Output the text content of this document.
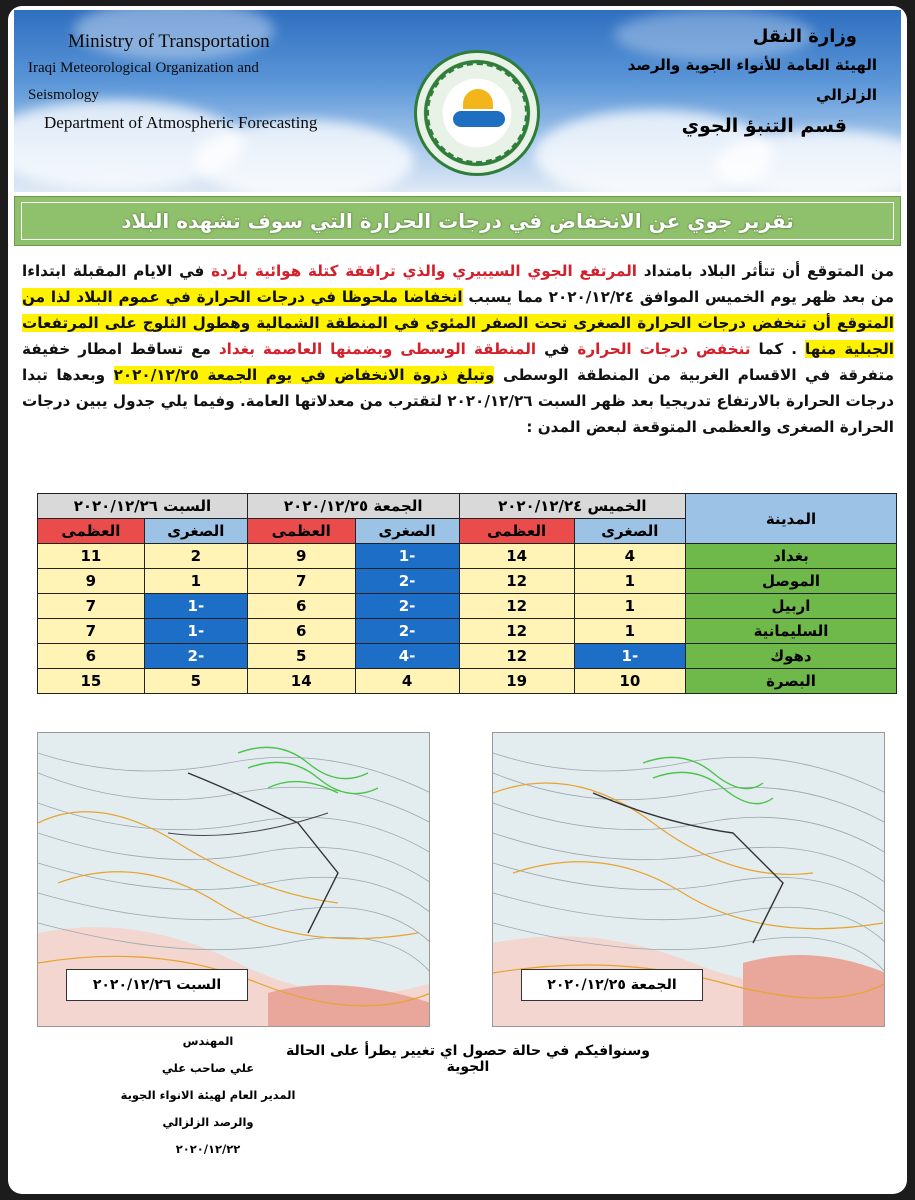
Ministry of Transportation
Iraqi Meteorological Organization and Seismology
Department of Atmospheric Forecasting
وزارة النقل
الهيئة العامة للأنواء الجوية والرصد الزلزالي
قسم التنبؤ الجوي
تقرير جوي عن الانخفاض في درجات الحرارة التي سوف تشهده البلاد
من المتوقع أن تتأثر البلاد بامتداد المرتفع الجوي السيبيري والذي ترافقة كتلة هوائية باردة في الايام المقبلة ابتداءا من بعد ظهر يوم الخميس الموافق ٢٠٢٠/١٢/٢٤ مما يسبب انخفاضا ملحوظا في درجات الحرارة في عموم البلاد لذا من المتوقع أن تنخفض درجات الحرارة الصغرى تحت الصفر المئوي في المنطقة الشمالية وهطول الثلوج على المرتفعات الجبلية منها . كما تنخفض درجات الحرارة في المنطقة الوسطى وبضمنها العاصمة بغداد مع تساقط امطار خفيفة متفرقة في الاقسام الغربية من المنطقة الوسطى وتبلغ ذروة الانخفاض في يوم الجمعة ٢٠٢٠/١٢/٢٥ وبعدها تبدا درجات الحرارة بالارتفاع تدريجيا بعد ظهر السبت ٢٠٢٠/١٢/٢٦ لتقترب من معدلاتها العامة. وفيما يلي جدول يبين درجات الحرارة الصغرى والعظمى المتوقعة لبعض المدن :
المدينة	الخميس ٢٠٢٠/١٢/٢٤		الجمعة ٢٠٢٠/١٢/٢٥		السبت ٢٠٢٠/١٢/٢٦	
	الصغرى	العظمى	الصغرى	العظمى	الصغرى	العظمى
بغداد	4	14	-1	9	2	11
الموصل	1	12	-2	7	1	9
اربيل	1	12	-2	6	-1	7
السليمانية	1	12	-2	6	-1	7
دهوك	-1	12	-4	5	-2	6
البصرة	10	19	4	14	5	15
السبت ٢٠٢٠/١٢/٢٦	الجمعة ٢٠٢٠/١٢/٢٥
المهندس
علي صاحب علي
المدير العام لهيئة الانواء الجوية
والرصد الزلزالي
٢٠٢٠/١٢/٢٢
وسنوافيكم في حالة حصول اي تغيير يطرأ على الحالة الجوية
